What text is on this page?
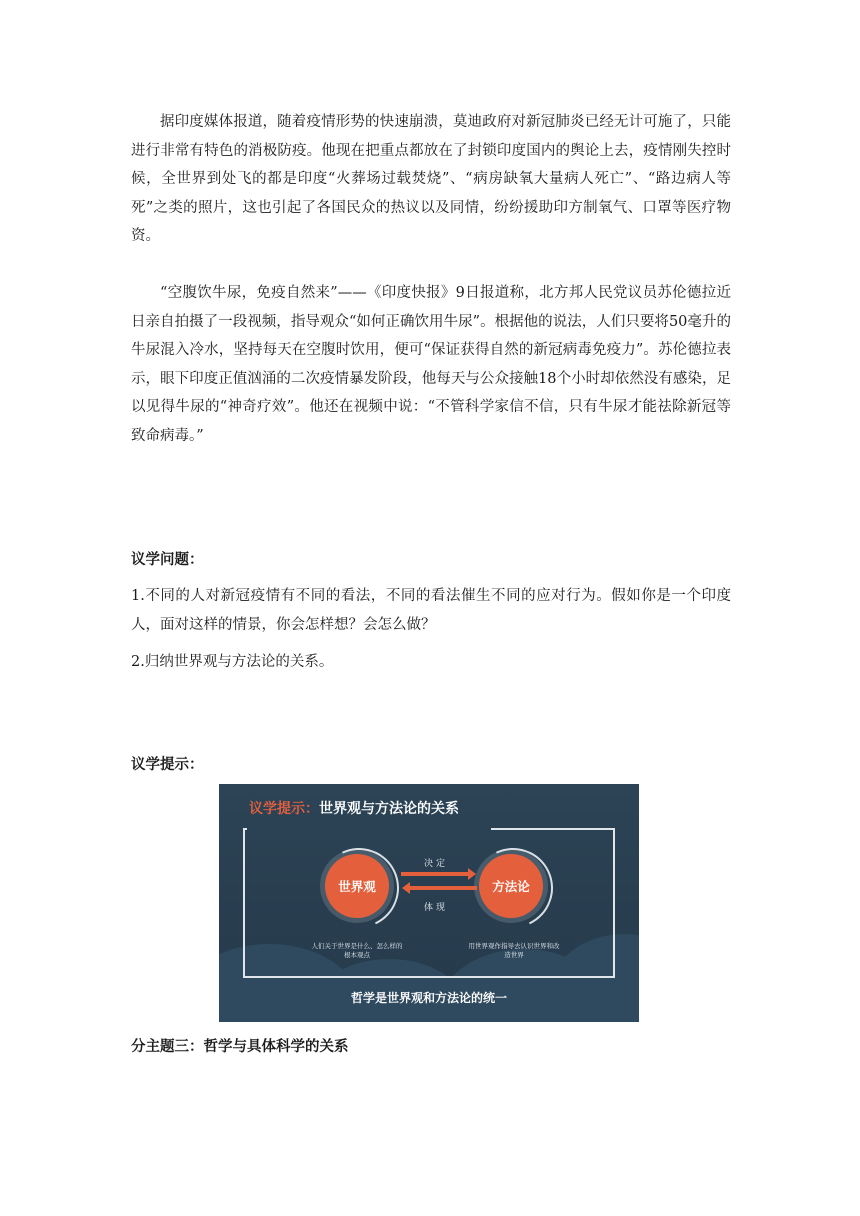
据印度媒体报道，随着疫情形势的快速崩溃，莫迪政府对新冠肺炎已经无计可施了，只能进行非常有特色的消极防疫。他现在把重点都放在了封锁印度国内的舆论上去，疫情刚失控时候，全世界到处飞的都是印度“火葬场过载焚烧”、“病房缺氧大量病人死亡”、“路边病人等死”之类的照片，这也引起了各国民众的热议以及同情，纷纷援助印方制氧气、口罩等医疗物资。

“空腹饮牛尿，免疫自然来”——《印度快报》9日报道称，北方邦人民党议员苏伦德拉近日亲自拍摄了一段视频，指导观众“如何正确饮用牛尿”。根据他的说法，人们只要将50毫升的牛尿混入冷水，坚持每天在空腹时饮用，便可“保证获得自然的新冠病毒免疫力”。苏伦德拉表示，眼下印度正值汹涌的二次疫情暴发阶段，他每天与公众接触18个小时却依然没有感染，足以见得牛尿的“神奇疗效”。他还在视频中说：“不管科学家信不信，只有牛尿才能祛除新冠等致命病毒。”

议学问题：

1.不同的人对新冠疫情有不同的看法，不同的看法催生不同的应对行为。假如你是一个印度人，面对这样的情景，你会怎样想？会怎么做？

2.归纳世界观与方法论的关系。

议学提示：

议学提示：世界观与方法论的关系
世界观	方法论
决定
体现
人们关于世界是什么、怎么样的
根本观点
用世界观作指导去认识世界和改
造世界
哲学是世界观和方法论的统一

分主题三：哲学与具体科学的关系
